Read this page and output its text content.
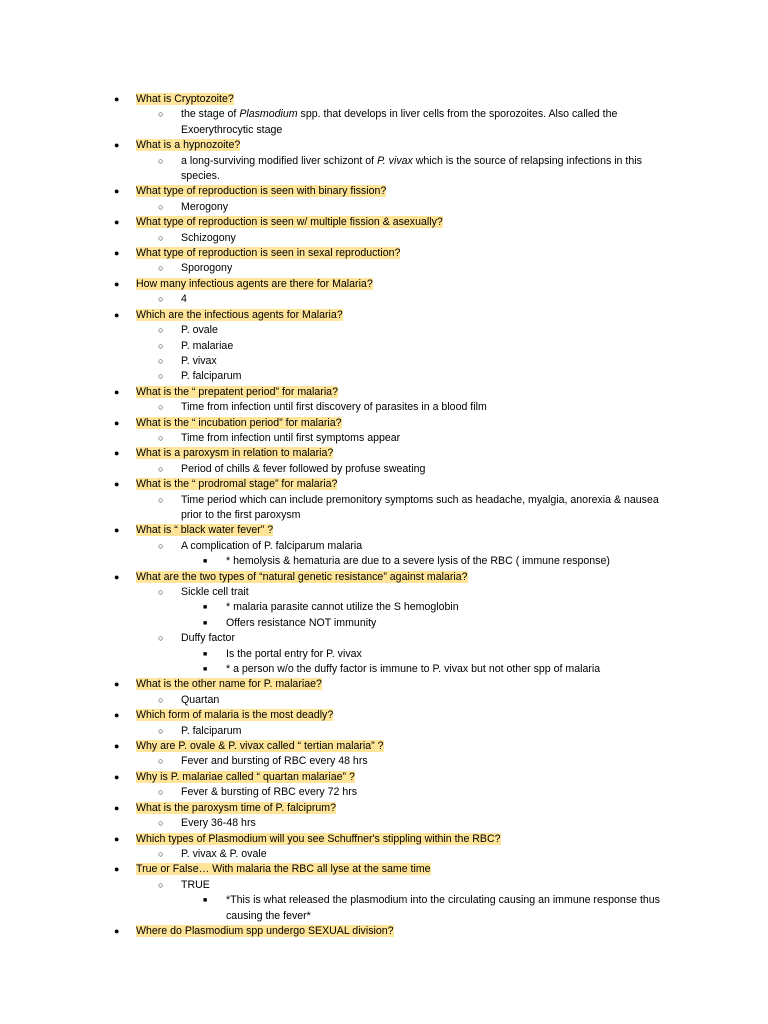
● What is Cryptozoite?
○ the stage of Plasmodium spp. that develops in liver cells from the sporozoites. Also called the Exoerythrocytic stage
● What is a hypnozoite?
○ a long-surviving modified liver schizont of P. vivax which is the source of relapsing infections in this species.
● What type of reproduction is seen with binary fission?
○ Merogony
● What type of reproduction is seen w/ multiple fission & asexually?
○ Schizogony
● What type of reproduction is seen in sexal reproduction?
○ Sporogony
● How many infectious agents are there for Malaria?
○ 4
● Which are the infectious agents for Malaria?
○ P. ovale
○ P. malariae
○ P. vivax
○ P. falciparum
● What is the “ prepatent period” for malaria?
○ Time from infection until first discovery of parasites in a blood film
● What is the “ incubation period” for malaria?
○ Time from infection until first symptoms appear
● What is a paroxysm in relation to malaria?
○ Period of chills & fever followed by profuse sweating
● What is the “ prodromal stage” for malaria?
○ Time period which can include premonitory symptoms such as headache, myalgia, anorexia & nausea prior to the first paroxysm
● What is “ black water fever” ?
○ A complication of P. falciparum malaria
■ * hemolysis & hematuria are due to a severe lysis of the RBC ( immune response)
● What are the two types of “natural genetic resistance” against malaria?
○ Sickle cell trait
■ * malaria parasite cannot utilize the S hemoglobin
■ Offers resistance NOT immunity
○ Duffy factor
■ Is the portal entry for P. vivax
■ * a person w/o the duffy factor is immune to P. vivax but not other spp of malaria
● What is the other name for P. malariae?
○ Quartan
● Which form of malaria is the most deadly?
○ P. falciparum
● Why are P. ovale & P. vivax called “ tertian malaria” ?
○ Fever and bursting of RBC every 48 hrs
● Why is P. malariae called “ quartan malariae” ?
○ Fever & bursting of RBC every 72 hrs
● What is the paroxysm time of P. falciprum?
○ Every 36-48 hrs
● Which types of Plasmodium will you see Schuffner's stippling within the RBC?
○ P. vivax & P. ovale
● True or False… With malaria the RBC all lyse at the same time
○ TRUE
■ *This is what released the plasmodium into the circulating causing an immune response thus causing the fever*
● Where do Plasmodium spp undergo SEXUAL division?
